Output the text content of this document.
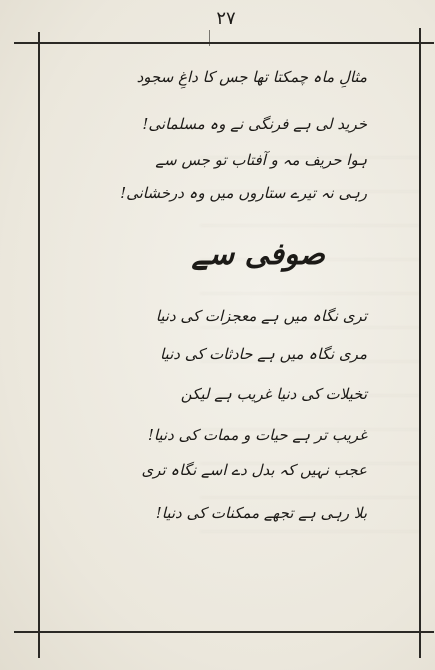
۲۷
مثالِ ماہ چمکتا تھا جس کا داغِ سجود
خرید لی ہے فرنگی نے وہ مسلمانی!
ہوا حریف مہ و آفتاب تو جس سے
رہی نہ تیرے ستاروں میں وہ درخشانی!
صوفی سے
تری نگاہ میں ہے معجزات کی دنیا
مری نگاہ میں ہے حادثات کی دنیا
تخیلات کی دنیا غریب ہے لیکن
غریب تر ہے حیات و ممات کی دنیا!
عجب نہیں کہ بدل دے اسے نگاہ تری
بلا رہی ہے تجھے ممکنات کی دنیا!
